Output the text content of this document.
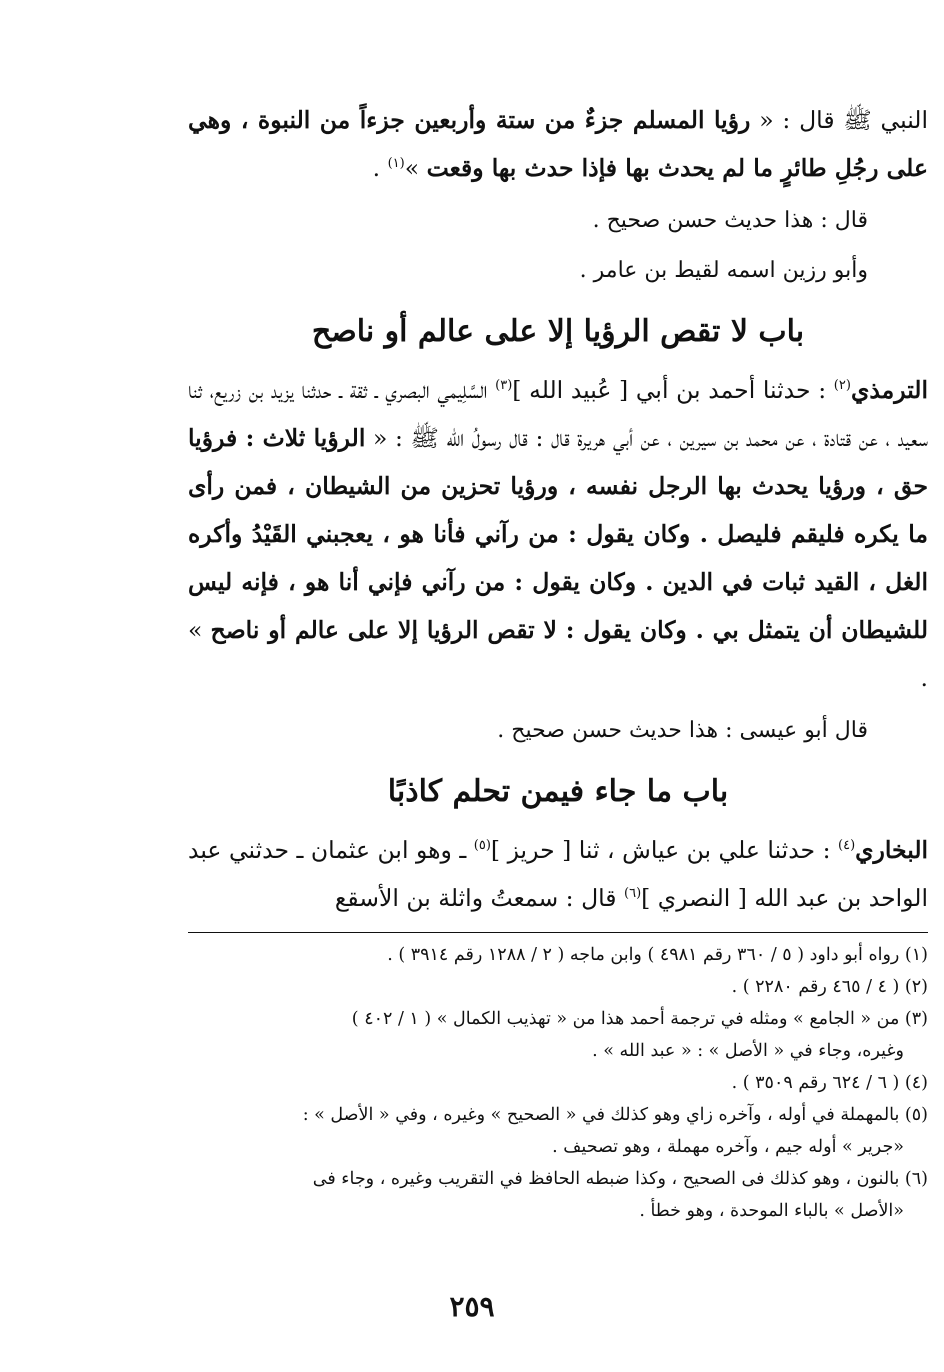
النبي ﷺ قال : « رؤيا المسلم جزءٌ من ستة وأربعين جزءاً من النبوة ، وهي على رجُلِ طائرٍ ما لم يحدث بها فإذا حدث بها وقعت »$^{(١)}$ .

قال : هذا حديث حسن صحيح .

وأبو رزين اسمه لقيط بن عامر .

باب لا تقص الرؤيا إلا على عالم أو ناصح

الترمذي$^{(٢)}$ : حدثنا أحمد بن أبي [ عُبيد الله ]$^{(٣)}$ السَّلِيمي البصري ـ ثقة ـ حدثنا يزيد بن زريع، ثنا سعيد ، عن قتادة ، عن محمد بن سيرين ، عن أبي هريرة قال : قال رسولُ الله ﷺ : « الرؤيا ثلاث : فرؤيا حق ، ورؤيا يحدث بها الرجل نفسه ، ورؤيا تحزين من الشيطان ، فمن رأى ما يكره فليقم فليصل . وكان يقول : من رآني فأنا هو ، يعجبني القَيْدُ وأكره الغل ، القيد ثبات في الدين . وكان يقول : من رآني فإني أنا هو ، فإنه ليس للشيطان أن يتمثل بي . وكان يقول : لا تقص الرؤيا إلا على عالم أو ناصح » .

قال أبو عيسى : هذا حديث حسن صحيح .

باب ما جاء فيمن تحلم كاذبًا

البخاري$^{(٤)}$ : حدثنا علي بن عياش ، ثنا [ حريز ]$^{(٥)}$ ـ وهو ابن عثمان ـ حدثني عبد الواحد بن عبد الله [ النصري ]$^{(٦)}$ قال : سمعتُ واثلة بن الأسقع

(١) رواه أبو داود ( ٥ / ٣٦٠ رقم ٤٩٨١ ) وابن ماجه ( ٢ / ١٢٨٨ رقم ٣٩١٤ ) .

(٢) ( ٤ / ٤٦٥ رقم ٢٢٨٠ ) .

(٣) من « الجامع » ومثله في ترجمة أحمد هذا من « تهذيب الكمال » ( ١ / ٤٠٢ )
وغيره، وجاء في « الأصل » : « عبد الله » .

(٤) ( ٦ / ٦٢٤ رقم ٣٥٠٩ ) .

(٥) بالمهملة في أوله ، وآخره زاي وهو كذلك في « الصحيح » وغيره ، وفي « الأصل » :
«جرير » أوله جيم ، وآخره مهملة ، وهو تصحيف .

(٦) بالنون ، وهو كذلك فى الصحيح ، وكذا ضبطه الحافظ في التقريب وغيره ، وجاء فى
«الأصل » بالباء الموحدة ، وهو خطأ .

٢٥٩
